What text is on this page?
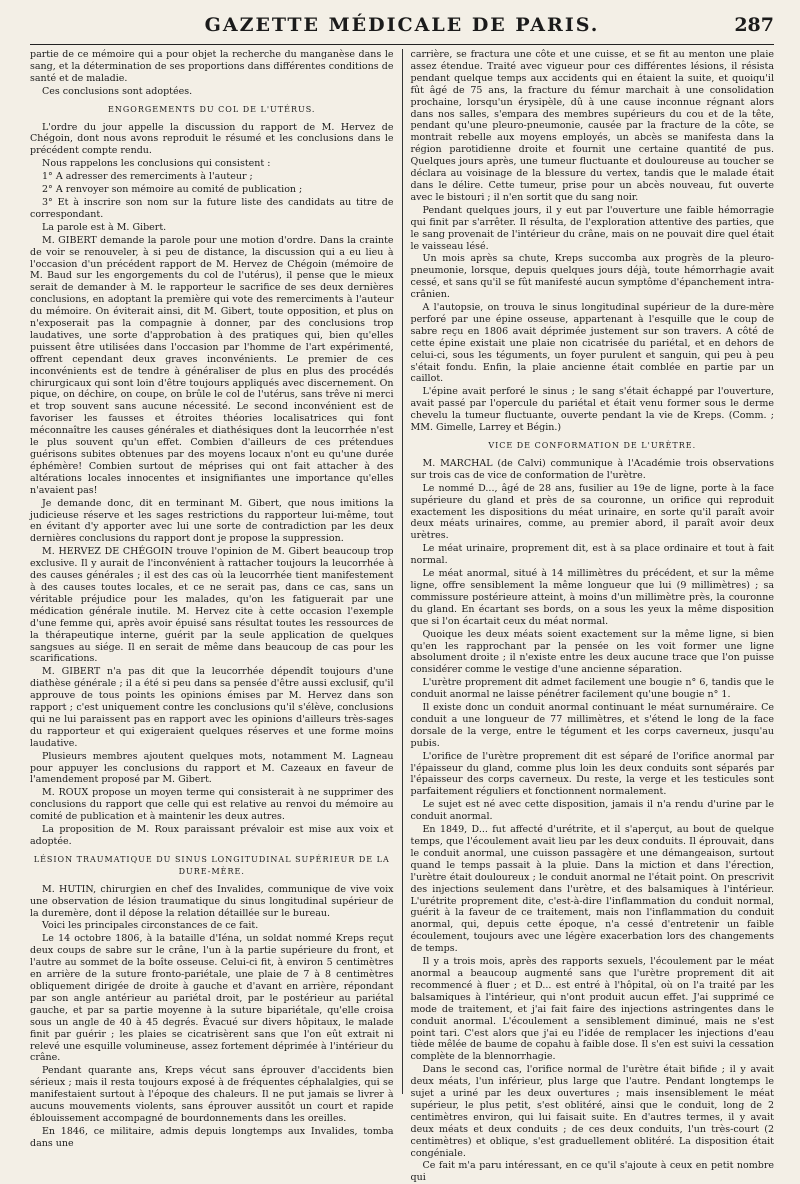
GAZETTE MÉDICALE DE PARIS.	287

partie de ce mémoire qui a pour objet la recherche du manganèse dans le sang, et la détermination de ses proportions dans différentes conditions de santé et de maladie.

Ces conclusions sont adoptées.

ENGORGEMENTS DU COL DE L'UTÉRUS.

L'ordre du jour appelle la discussion du rapport de M. Hervez de Chégoin, dont nous avons reproduit le résumé et les conclusions dans le précédent compte rendu.

Nous rappelons les conclusions qui consistent :

1° A adresser des remerciments à l'auteur ;

2° A renvoyer son mémoire au comité de publication ;

3° Et à inscrire son nom sur la future liste des candidats au titre de correspondant.

La parole est à M. Gibert.

M. GIBERT demande la parole pour une motion d'ordre. Dans la crainte de voir se renouveler, à si peu de distance, la discussion qui a eu lieu à l'occasion d'un précédent rapport de M. Hervez de Chégoin (mémoire de M. Baud sur les engorgements du col de l'utérus), il pense que le mieux serait de demander à M. le rapporteur le sacrifice de ses deux dernières conclusions, en adoptant la première qui vote des remerciments à l'auteur du mémoire. On éviterait ainsi, dit M. Gibert, toute opposition, et plus on n'exposerait pas la compagnie à donner, par des conclusions trop laudatives, une sorte d'approbation à des pratiques qui, bien qu'elles puissent être utilisées dans l'occasion par l'homme de l'art expérimenté, offrent cependant deux graves inconvénients. Le premier de ces inconvénients est de tendre à généraliser de plus en plus des procédés chirurgicaux qui sont loin d'être toujours appliqués avec discernement. On pique, on déchire, on coupe, on brûle le col de l'utérus, sans trêve ni merci et trop souvent sans aucune nécessité. Le second inconvénient est de favoriser les fausses et étroites théories localisatrices qui font méconnaître les causes générales et diathésiques dont la leucorrhée n'est le plus souvent qu'un effet. Combien d'ailleurs de ces prétendues guérisons subites obtenues par des moyens locaux n'ont eu qu'une durée éphémère! Combien surtout de méprises qui ont fait attacher à des altérations locales innocentes et insignifiantes une importance qu'elles n'avaient pas!

Je demande donc, dit en terminant M. Gibert, que nous imitions la judicieuse réserve et les sages restrictions du rapporteur lui-même, tout en évitant d'y apporter avec lui une sorte de contradiction par les deux dernières conclusions du rapport dont je propose la suppression.

M. HERVEZ DE CHÉGOIN trouve l'opinion de M. Gibert beaucoup trop exclusive. Il y aurait de l'inconvénient à rattacher toujours la leucorrhée à des causes générales ; il est des cas où la leucorrhée tient manifestement à des causes toutes locales, et ce ne serait pas, dans ce cas, sans un véritable préjudice pour les malades, qu'on les fatiguerait par une médication générale inutile. M. Hervez cite à cette occasion l'exemple d'une femme qui, après avoir épuisé sans résultat toutes les ressources de la thérapeutique interne, guérit par la seule application de quelques sangsues au siége. Il en serait de même dans beaucoup de cas pour les scarifications.

M. GIBERT n'a pas dit que la leucorrhée dépendît toujours d'une diathèse générale ; il a été si peu dans sa pensée d'être aussi exclusif, qu'il approuve de tous points les opinions émises par M. Hervez dans son rapport ; c'est uniquement contre les conclusions qu'il s'élève, conclusions qui ne lui paraissent pas en rapport avec les opinions d'ailleurs très-sages du rapporteur et qui exigeraient quelques réserves et une forme moins laudative.

Plusieurs membres ajoutent quelques mots, notamment M. Lagneau pour appuyer les conclusions du rapport et M. Cazeaux en faveur de l'amendement proposé par M. Gibert.

M. ROUX propose un moyen terme qui consisterait à ne supprimer des conclusions du rapport que celle qui est relative au renvoi du mémoire au comité de publication et à maintenir les deux autres.

La proposition de M. Roux paraissant prévaloir est mise aux voix et adoptée.

LÉSION TRAUMATIQUE DU SINUS LONGITUDINAL SUPÉRIEUR DE LA DURE-MÈRE.

M. HUTIN, chirurgien en chef des Invalides, communique de vive voix une observation de lésion traumatique du sinus longitudinal supérieur de la duremère, dont il dépose la relation détaillée sur le bureau.

Voici les principales circonstances de ce fait.

Le 14 octobre 1806, à la bataille d'Iéna, un soldat nommé Kreps reçut deux coups de sabre sur le crâne, l'un à la partie supérieure du front, et l'autre au sommet de la boîte osseuse. Celui-ci fit, à environ 5 centimètres en arrière de la suture fronto-pariétale, une plaie de 7 à 8 centimètres obliquement dirigée de droite à gauche et d'avant en arrière, répondant par son angle antérieur au pariétal droit, par le postérieur au pariétal gauche, et par sa partie moyenne à la suture bipariétale, qu'elle croisa sous un angle de 40 à 45 degrés. Évacué sur divers hôpitaux, le malade finit par guérir ; les plaies se cicatrisèrent sans que l'on eût extrait ni relevé une esquille volumineuse, assez fortement déprimée à l'intérieur du crâne.

Pendant quarante ans, Kreps vécut sans éprouver d'accidents bien sérieux ; mais il resta toujours exposé à de fréquentes céphalalgies, qui se manifestaient surtout à l'époque des chaleurs. Il ne put jamais se livrer à aucuns mouvements violents, sans éprouver aussitôt un court et rapide éblouissement accompagné de bourdonnements dans les oreilles.

En 1846, ce militaire, admis depuis longtemps aux Invalides, tomba dans une

carrière, se fractura une côte et une cuisse, et se fit au menton une plaie assez étendue. Traité avec vigueur pour ces différentes lésions, il résista pendant quelque temps aux accidents qui en étaient la suite, et quoiqu'il fût âgé de 75 ans, la fracture du fémur marchait à une consolidation prochaine, lorsqu'un érysipèle, dû à une cause inconnue régnant alors dans nos salles, s'empara des membres supérieurs du cou et de la tête, pendant qu'une pleuro-pneumonie, causée par la fracture de la côte, se montrait rebelle aux moyens employés, un abcès se manifesta dans la région parotidienne droite et fournit une certaine quantité de pus. Quelques jours après, une tumeur fluctuante et douloureuse au toucher se déclara au voisinage de la blessure du vertex, tandis que le malade était dans le délire. Cette tumeur, prise pour un abcès nouveau, fut ouverte avec le bistouri ; il n'en sortit que du sang noir.

Pendant quelques jours, il y eut par l'ouverture une faible hémorragie qui finit par s'arrêter. Il résulta, de l'exploration attentive des parties, que le sang provenait de l'intérieur du crâne, mais on ne pouvait dire quel était le vaisseau lésé.

Un mois après sa chute, Kreps succomba aux progrès de la pleuro-pneumonie, lorsque, depuis quelques jours déjà, toute hémorrhagie avait cessé, et sans qu'il se fût manifesté aucun symptôme d'épanchement intra-crânien.

A l'autopsie, on trouva le sinus longitudinal supérieur de la dure-mère perforé par une épine osseuse, appartenant à l'esquille que le coup de sabre reçu en 1806 avait déprimée justement sur son travers. A côté de cette épine existait une plaie non cicatrisée du pariétal, et en dehors de celui-ci, sous les téguments, un foyer purulent et sanguin, qui peu à peu s'était fondu. Enfin, la plaie ancienne était comblée en partie par un caillot.

L'épine avait perforé le sinus ; le sang s'était échappé par l'ouverture, avait passé par l'opercule du pariétal et était venu former sous le derme chevelu la tumeur fluctuante, ouverte pendant la vie de Kreps. (Comm. ; MM. Gimelle, Larrey et Bégin.)

VICE DE CONFORMATION DE L'URÈTRE.

M. MARCHAL (de Calvi) communique à l'Académie trois observations sur trois cas de vice de conformation de l'urètre.

Le nommé D..., âgé de 28 ans, fusilier au 19e de ligne, porte à la face supérieure du gland et près de sa couronne, un orifice qui reproduit exactement les dispositions du méat urinaire, en sorte qu'il paraît avoir deux méats urinaires, comme, au premier abord, il paraît avoir deux urètres.

Le méat urinaire, proprement dit, est à sa place ordinaire et tout à fait normal.

Le méat anormal, situé à 14 millimètres du précédent, et sur la même ligne, offre sensiblement la même longueur que lui (9 millimètres) ; sa commissure postérieure atteint, à moins d'un millimètre près, la couronne du gland. En écartant ses bords, on a sous les yeux la même disposition que si l'on écartait ceux du méat normal.

Quoique les deux méats soient exactement sur la même ligne, si bien qu'en les rapprochant par la pensée on les voit former une ligne absolument droite ; il n'existe entre les deux aucune trace que l'on puisse considérer comme le vestige d'une ancienne séparation.

L'urètre proprement dit admet facilement une bougie n° 6, tandis que le conduit anormal ne laisse pénétrer facilement qu'une bougie n° 1.

Il existe donc un conduit anormal continuant le méat surnuméraire. Ce conduit a une longueur de 77 millimètres, et s'étend le long de la face dorsale de la verge, entre le tégument et les corps caverneux, jusqu'au pubis.

L'orifice de l'urètre proprement dit est séparé de l'orifice anormal par l'épaisseur du gland, comme plus loin les deux conduits sont séparés par l'épaisseur des corps caverneux. Du reste, la verge et les testicules sont parfaitement réguliers et fonctionnent normalement.

Le sujet est né avec cette disposition, jamais il n'a rendu d'urine par le conduit anormal.

En 1849, D... fut affecté d'urétrite, et il s'aperçut, au bout de quelque temps, que l'écoulement avait lieu par les deux conduits. Il éprouvait, dans le conduit anormal, une cuisson passagère et une démangeaison, surtout quand le temps passait à la pluie. Dans la miction et dans l'érection, l'urètre était douloureux ; le conduit anormal ne l'était point. On prescrivit des injections seulement dans l'urètre, et des balsamiques à l'intérieur. L'urétrite proprement dite, c'est-à-dire l'inflammation du conduit normal, guérit à la faveur de ce traitement, mais non l'inflammation du conduit anormal, qui, depuis cette époque, n'a cessé d'entretenir un faible écoulement, toujours avec une légère exacerbation lors des changements de temps.

Il y a trois mois, après des rapports sexuels, l'écoulement par le méat anormal a beaucoup augmenté sans que l'urètre proprement dit ait recommencé à fluer ; et D... est entré à l'hôpital, où on l'a traité par les balsamiques à l'intérieur, qui n'ont produit aucun effet. J'ai supprimé ce mode de traitement, et j'ai fait faire des injections astringentes dans le conduit anormal. L'écoulement a sensiblement diminué, mais ne s'est point tari. C'est alors que j'ai eu l'idée de remplacer les injections d'eau tiède mêlée de baume de copahu à faible dose. Il s'en est suivi la cessation complète de la blennorrhagie.

Dans le second cas, l'orifice normal de l'urètre était bifide ; il y avait deux méats, l'un inférieur, plus large que l'autre. Pendant longtemps le sujet a uriné par les deux ouvertures ; mais insensiblement le méat supérieur, le plus petit, s'est oblitéré, ainsi que le conduit, long de 2 centimètres environ, qui lui faisait suite. En d'autres termes, il y avait deux méats et deux conduits ; de ces deux conduits, l'un très-court (2 centimètres) et oblique, s'est graduellement oblitéré. La disposition était congéniale.

Ce fait m'a paru intéressant, en ce qu'il s'ajoute à ceux en petit nombre qui
